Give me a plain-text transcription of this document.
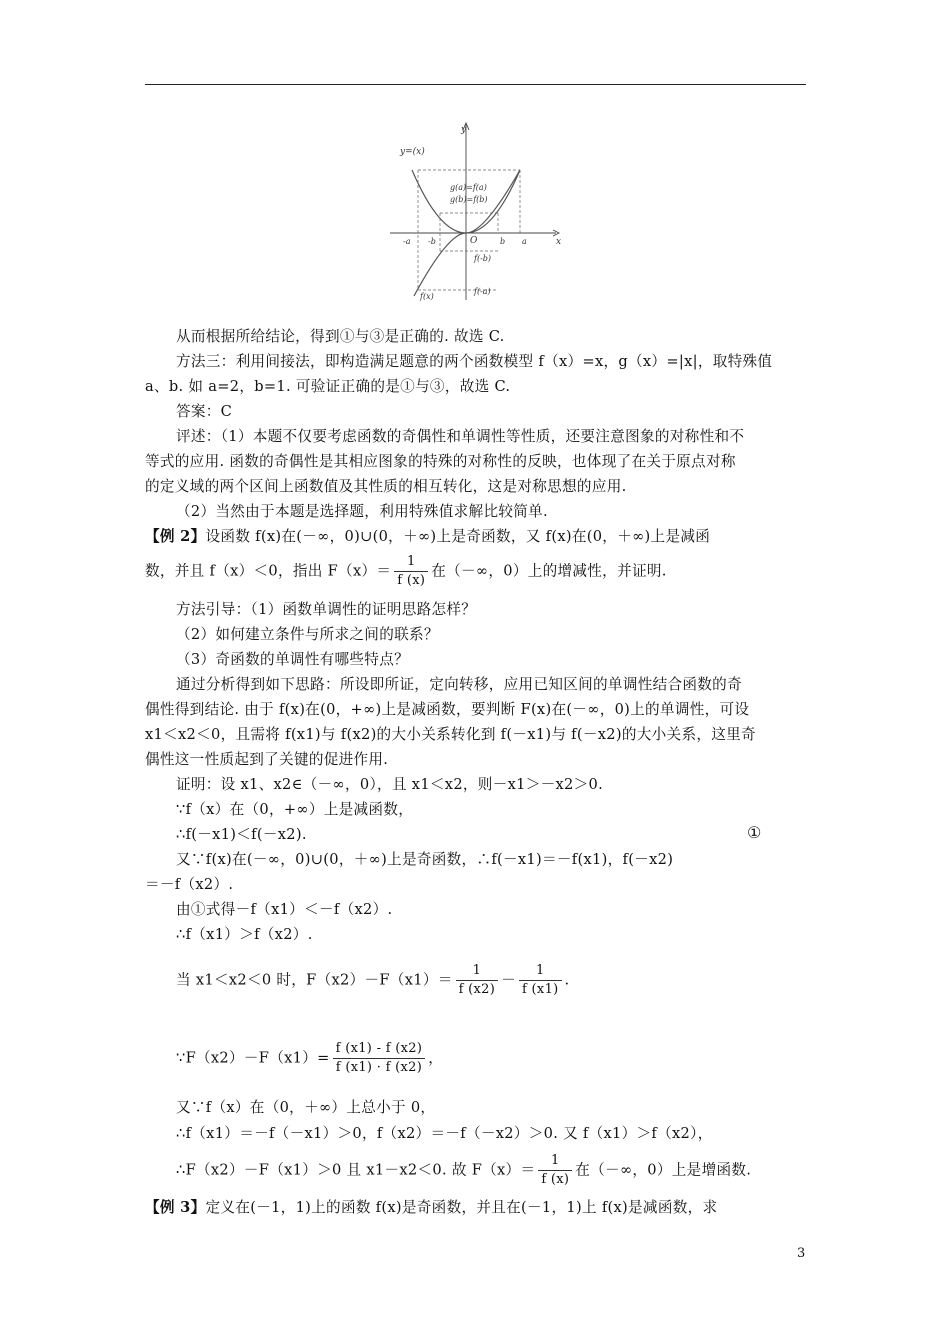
y=(x)
x
y
O
-a -b	b a
g(a)=f(a)
g(b)=f(b)
f(-b)
f(-a)
f(x)
从而根据所给结论，得到①与③是正确的. 故选 C.
方法三：利用间接法，即构造满足题意的两个函数模型 f（x）=x，g（x）=|x|，取特殊值
a、b. 如 a=2，b=1. 可验证正确的是①与③，故选 C.
答案：C
评述：（1）本题不仅要考虑函数的奇偶性和单调性等性质，还要注意图象的对称性和不
等式的应用. 函数的奇偶性是其相应图象的特殊的对称性的反映，也体现了在关于原点对称
的定义域的两个区间上函数值及其性质的相互转化，这是对称思想的应用.
（2）当然由于本题是选择题，利用特殊值求解比较简单.
【例 2】设函数 f(x)在(－∞，0)∪(0，＋∞)上是奇函数，又 f(x)在(0，＋∞)上是减函
数，并且 f（x）＜0，指出 $F(x)= \frac{1}{f (x)}$ 在（－∞，0）上的增减性，并证明.
方法引导：（1）函数单调性的证明思路怎样？
（2）如何建立条件与所求之间的联系？
（3）奇函数的单调性有哪些特点？
通过分析得到如下思路：所设即所证，定向转移，应用已知区间的单调性结合函数的奇
偶性得到结论. 由于 f(x)在(0，+∞)上是减函数，要判断 F(x)在(－∞，0)上的单调性，可设
x1＜x2＜0，且需将 f(x1)与 f(x2)的大小关系转化到 f(－x1)与 f(－x2)的大小关系，这里奇
偶性这一性质起到了关键的促进作用.
证明：设 x1、x2∈（－∞，0），且 x1＜x2，则－x1＞－x2＞0.
∵f（x）在（0，+∞）上是减函数，
∴f(－x1)＜f(－x2).	①
又∵f(x)在(－∞，0)∪(0，＋∞)上是奇函数，∴f(－x1)＝－f(x1)，f(－x2)
＝－f（x2）.
由①式得－f（x1）＜－f（x2）.
∴f（x1）＞f（x2）.
当 x1＜x2＜0 时，$F(x2)-F(x1)= \frac{1}{f (x2)} - \frac{1}{f (x1)}$ .
∵F（x2）－F（x1）= $\frac{f (x1) - f (x2)}{f (x1) \cdot f (x2)}$ ，
又∵f（x）在（0，＋∞）上总小于 0，
∴f（x1）＝－f（－x1）＞0，f（x2）＝－f（－x2）＞0. 又 f（x1）＞f（x2），
∴F（x2）－F（x1）＞0 且 x1－x2＜0. 故 $F(x)= \frac{1}{f (x)}$ 在（－∞，0）上是增函数.
【例 3】定义在(－1，1)上的函数 f(x)是奇函数，并且在(－1，1)上 f(x)是减函数，求
3
